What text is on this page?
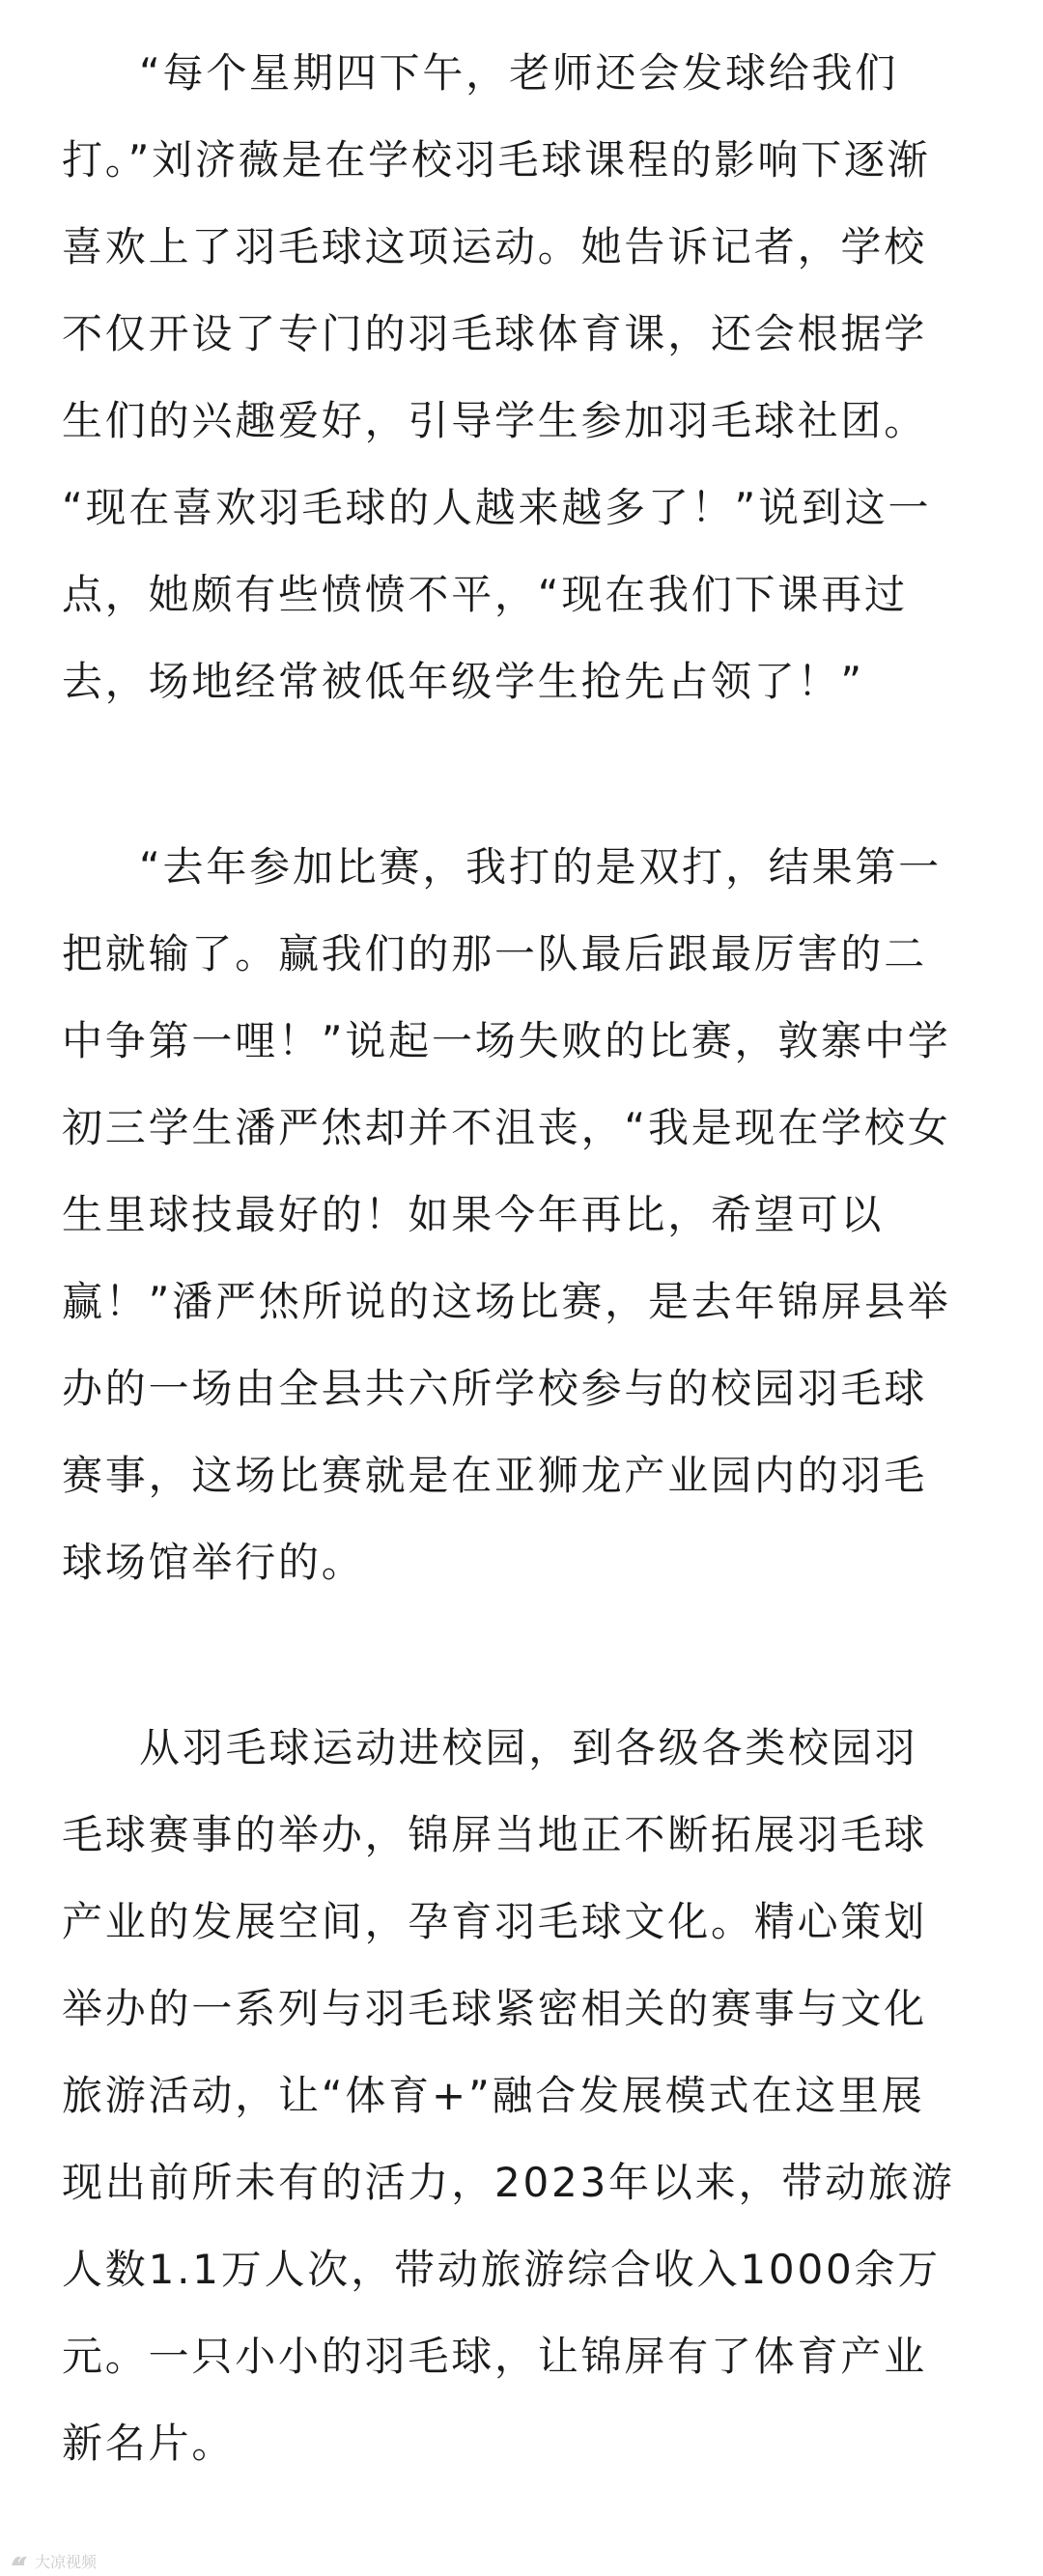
“每个星期四下午，老师还会发球给我们
打。”刘济薇是在学校羽毛球课程的影响下逐渐
喜欢上了羽毛球这项运动。她告诉记者，学校
不仅开设了专门的羽毛球体育课，还会根据学
生们的兴趣爱好，引导学生参加羽毛球社团。
“现在喜欢羽毛球的人越来越多了！”说到这一
点，她颇有些愤愤不平，“现在我们下课再过
去，场地经常被低年级学生抢先占领了！”
“去年参加比赛，我打的是双打，结果第一
把就输了。赢我们的那一队最后跟最厉害的二
中争第一哩！”说起一场失败的比赛，敦寨中学
初三学生潘严烋却并不沮丧，“我是现在学校女
生里球技最好的！如果今年再比，希望可以
赢！”潘严烋所说的这场比赛，是去年锦屏县举
办的一场由全县共六所学校参与的校园羽毛球
赛事，这场比赛就是在亚狮龙产业园内的羽毛
球场馆举行的。
从羽毛球运动进校园，到各级各类校园羽
毛球赛事的举办，锦屏当地正不断拓展羽毛球
产业的发展空间，孕育羽毛球文化。精心策划
举办的一系列与羽毛球紧密相关的赛事与文化
旅游活动，让“体育+”融合发展模式在这里展
现出前所未有的活力，2023年以来，带动旅游
人数1.1万人次，带动旅游综合收入1000余万
元。一只小小的羽毛球，让锦屏有了体育产业
新名片。
大凉视频
